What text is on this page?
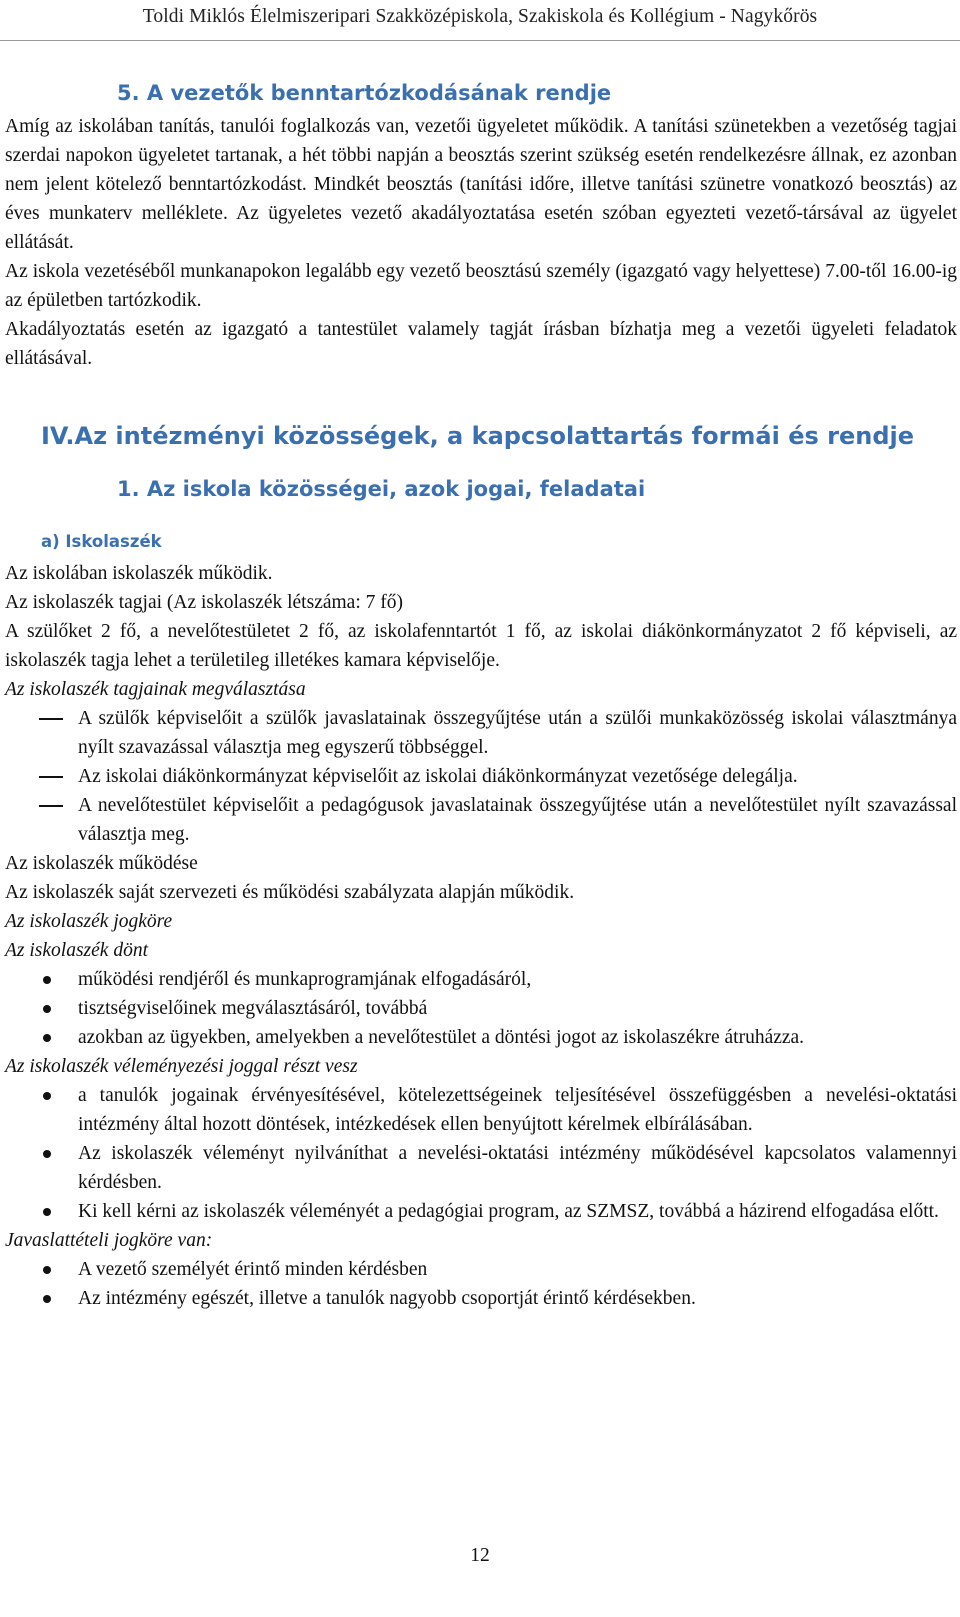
Toldi Miklós Élelmiszeripari Szakközépiskola, Szakiskola és Kollégium - Nagykőrös
5. A vezetők benntartózkodásának rendje

Amíg az iskolában tanítás, tanulói foglalkozás van, vezetői ügyeletet működik. A tanítási szünetekben a vezetőség tagjai szerdai napokon ügyeletet tartanak, a hét többi napján a beosztás szerint szükség esetén rendelkezésre állnak, ez azonban nem jelent kötelező benntartózkodást. Mindkét beosztás (tanítási időre, illetve tanítási szünetre vonatkozó beosztás) az éves munkaterv melléklete. Az ügyeletes vezető akadályoztatása esetén szóban egyezteti vezető-társával az ügyelet ellátását.

Az iskola vezetéséből munkanapokon legalább egy vezető beosztású személy (igazgató vagy helyettese) 7.00-től 16.00-ig az épületben tartózkodik.

Akadályoztatás esetén az igazgató a tantestület valamely tagját írásban bízhatja meg a vezetői ügyeleti feladatok ellátásával.

IV.Az intézményi közösségek, a kapcsolattartás formái és rendje
1. Az iskola közösségei, azok jogai, feladatai
a) Iskolaszék

Az iskolában iskolaszék működik.

Az iskolaszék tagjai (Az iskolaszék létszáma: 7 fő)

A szülőket 2 fő, a nevelőtestületet 2 fő, az iskolafenntartót 1 fő, az iskolai diákönkormányzatot 2 fő képviseli, az iskolaszék tagja lehet a területileg illetékes kamara képviselője.

Az iskolaszék tagjainak megválasztása

A szülők képviselőit a szülők javaslatainak összegyűjtése után a szülői munkaközösség iskolai választmánya nyílt szavazással választja meg egyszerű többséggel.
Az iskolai diákönkormányzat képviselőit az iskolai diákönkormányzat vezetősége delegálja.
A nevelőtestület képviselőit a pedagógusok javaslatainak összegyűjtése után a nevelőtestület nyílt szavazással választja meg.

Az iskolaszék működése

Az iskolaszék saját szervezeti és működési szabályzata alapján működik.

Az iskolaszék jogköre

Az iskolaszék dönt

működési rendjéről és munkaprogramjának elfogadásáról,
tisztségviselőinek megválasztásáról, továbbá
azokban az ügyekben, amelyekben a nevelőtestület a döntési jogot az iskolaszékre átruházza.

Az iskolaszék véleményezési joggal részt vesz

a tanulók jogainak érvényesítésével, kötelezettségeinek teljesítésével összefüggésben a nevelési-oktatási intézmény által hozott döntések, intézkedések ellen benyújtott kérelmek elbírálásában.
Az iskolaszék véleményt nyilváníthat a nevelési-oktatási intézmény működésével kapcsolatos valamennyi kérdésben.
Ki kell kérni az iskolaszék véleményét a pedagógiai program, az SZMSZ, továbbá a házirend elfogadása előtt.

Javaslattételi jogköre van:

A vezető személyét érintő minden kérdésben
Az intézmény egészét, illetve a tanulók nagyobb csoportját érintő kérdésekben.
12
